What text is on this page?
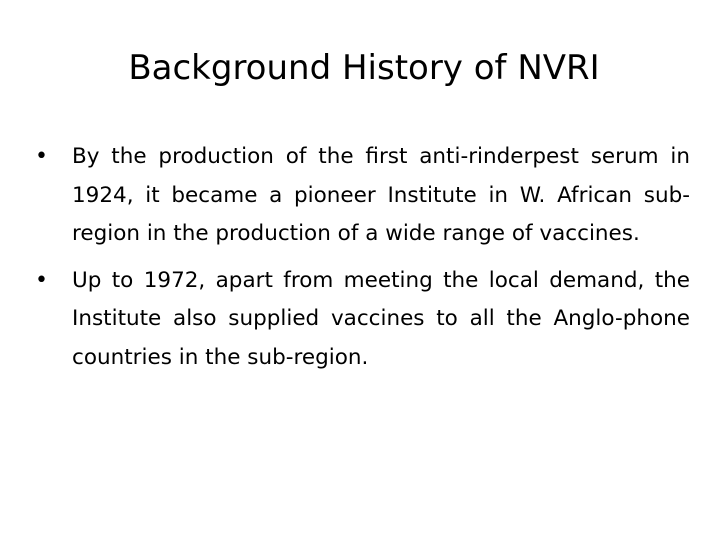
Background History of NVRI
• By the production of the first anti-rinderpest serum in 1924, it became a pioneer Institute in W. African sub-region in the production of a wide range of vaccines.
• Up to 1972, apart from meeting the local demand, the Institute also supplied vaccines to all the Anglo-phone countries in the sub-region.
